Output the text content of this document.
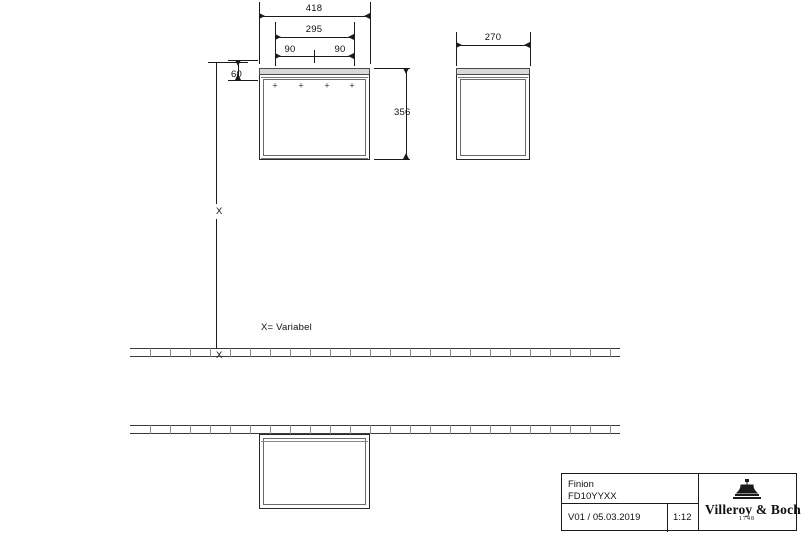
418
295
90	90
60
356
+ + + +
270
X
X= Variabel
Finion
FD10YYXX
V01 / 05.03.2019	1:12
Villeroy & Boch
1748
